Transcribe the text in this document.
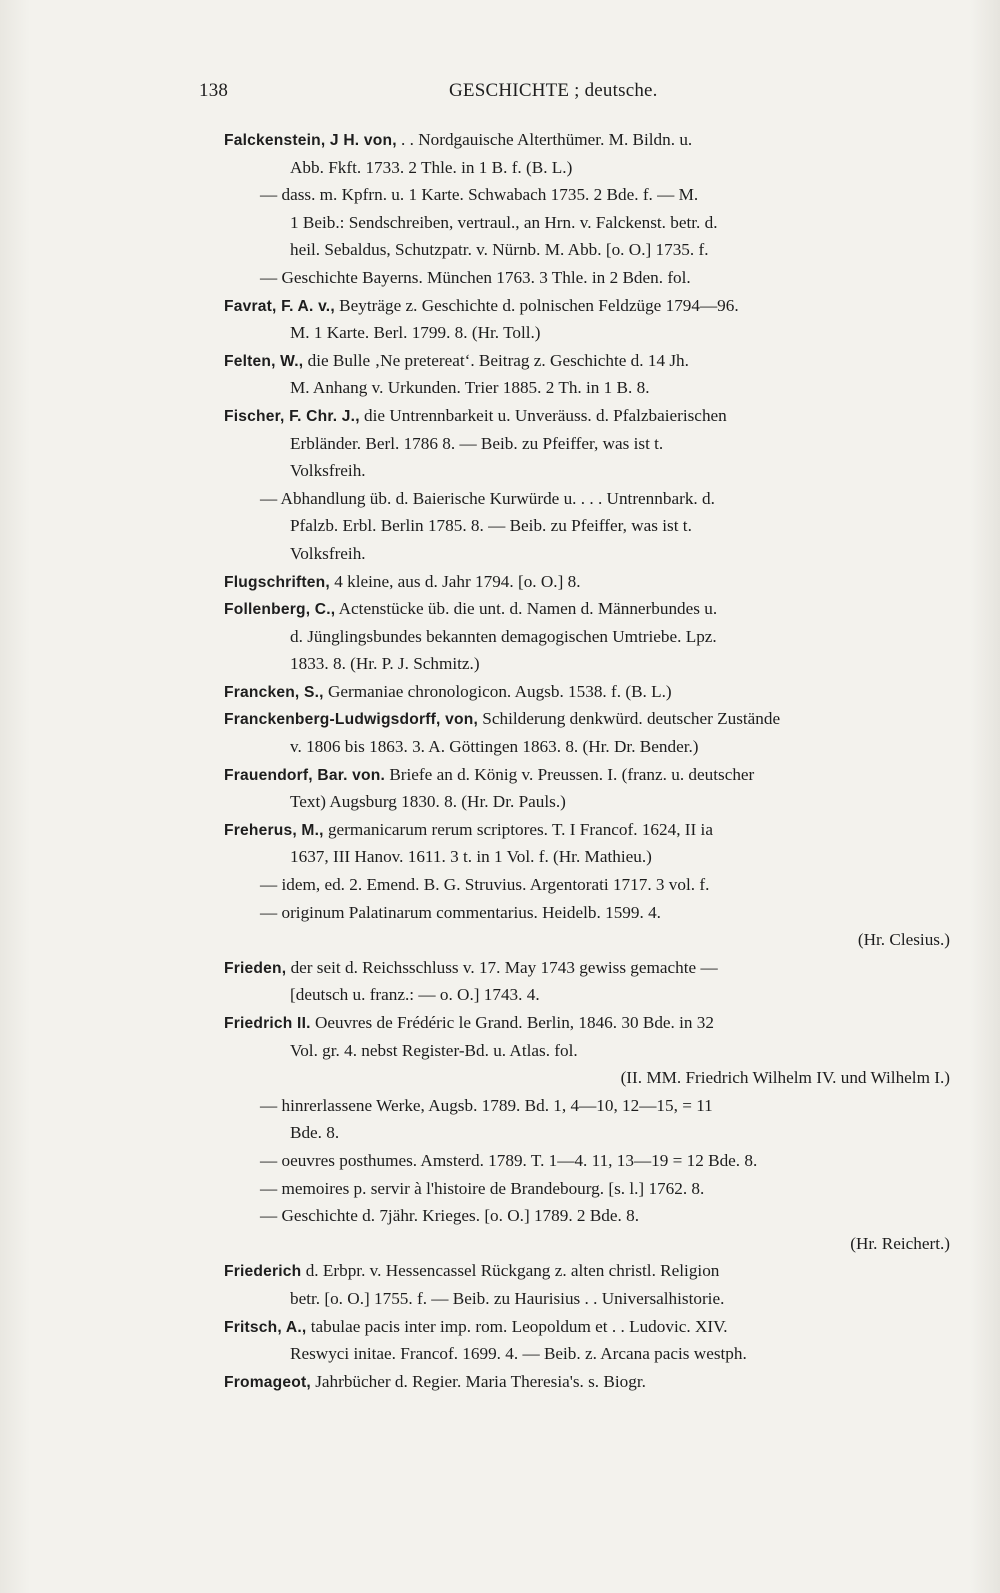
138	GESCHICHTE ; deutsche.
Falckenstein, J H. von, . . Nordgauische Alterthümer. M. Bildn. u.
Abb. Fkft. 1733. 2 Thle. in 1 B. f. (B. L.)
— dass. m. Kpfrn. u. 1 Karte. Schwabach 1735. 2 Bde. f. — M.
1 Beib.: Sendschreiben, vertraul., an Hrn. v. Falckenst. betr. d.
heil. Sebaldus, Schutzpatr. v. Nürnb. M. Abb. [o. O.] 1735. f.
— Geschichte Bayerns. München 1763. 3 Thle. in 2 Bden. fol.
Favrat, F. A. v., Beyträge z. Geschichte d. polnischen Feldzüge 1794—96.
M. 1 Karte. Berl. 1799. 8. (Hr. Toll.)
Felten, W., die Bulle ‚Ne pretereat‘. Beitrag z. Geschichte d. 14 Jh.
M. Anhang v. Urkunden. Trier 1885. 2 Th. in 1 B. 8.
Fischer, F. Chr. J., die Untrennbarkeit u. Unveräuss. d. Pfalzbaierischen
Erbländer. Berl. 1786 8. — Beib. zu Pfeiffer, was ist t.
Volksfreih.
— Abhandlung üb. d. Baierische Kurwürde u. . . . Untrennbark. d.
Pfalzb. Erbl. Berlin 1785. 8. — Beib. zu Pfeiffer, was ist t.
Volksfreih.
Flugschriften, 4 kleine, aus d. Jahr 1794. [o. O.] 8.
Follenberg, C., Actenstücke üb. die unt. d. Namen d. Männerbundes u.
d. Jünglingsbundes bekannten demagogischen Umtriebe. Lpz.
1833. 8. (Hr. P. J. Schmitz.)
Francken, S., Germaniae chronologicon. Augsb. 1538. f. (B. L.)
Franckenberg-Ludwigsdorff, von, Schilderung denkwürd. deutscher Zustände
v. 1806 bis 1863. 3. A. Göttingen 1863. 8. (Hr. Dr. Bender.)
Frauendorf, Bar. von. Briefe an d. König v. Preussen. I. (franz. u. deutscher
Text) Augsburg 1830. 8. (Hr. Dr. Pauls.)
Freherus, M., germanicarum rerum scriptores. T. I Francof. 1624, II ia
1637, III Hanov. 1611. 3 t. in 1 Vol. f. (Hr. Mathieu.)
— idem, ed. 2. Emend. B. G. Struvius. Argentorati 1717. 3 vol. f.
— originum Palatinarum commentarius. Heidelb. 1599. 4.
(Hr. Clesius.)
Frieden, der seit d. Reichsschluss v. 17. May 1743 gewiss gemachte —
[deutsch u. franz.: — o. O.] 1743. 4.
Friedrich II. Oeuvres de Frédéric le Grand. Berlin, 1846. 30 Bde. in 32
Vol. gr. 4. nebst Register-Bd. u. Atlas. fol.
(II. MM. Friedrich Wilhelm IV. und Wilhelm I.)
— hinrerlassene Werke, Augsb. 1789. Bd. 1, 4—10, 12—15, = 11
Bde. 8.
— oeuvres posthumes. Amsterd. 1789. T. 1—4. 11, 13—19 = 12 Bde. 8.
— memoires p. servir à l'histoire de Brandebourg. [s. l.] 1762. 8.
— Geschichte d. 7jähr. Krieges. [o. O.] 1789. 2 Bde. 8.
(Hr. Reichert.)
Friederich d. Erbpr. v. Hessencassel Rückgang z. alten christl. Religion
betr. [o. O.] 1755. f. — Beib. zu Haurisius . . Universalhistorie.
Fritsch, A., tabulae pacis inter imp. rom. Leopoldum et . . Ludovic. XIV.
Reswyci initae. Francof. 1699. 4. — Beib. z. Arcana pacis westph.
Fromageot, Jahrbücher d. Regier. Maria Theresia's. s. Biogr.
